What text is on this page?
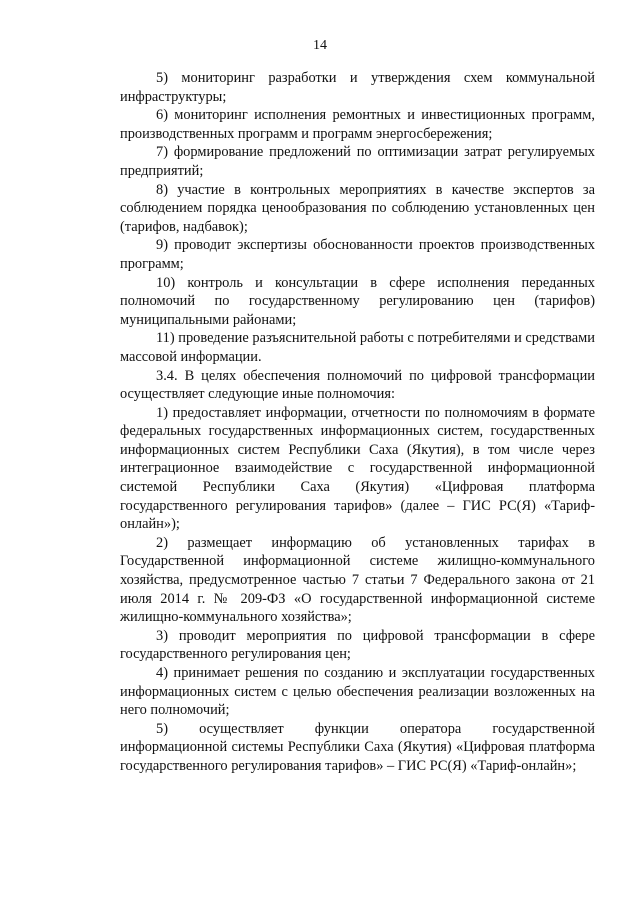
14

5) мониторинг разработки и утверждения схем коммунальной инфраструктуры;

6) мониторинг исполнения ремонтных и инвестиционных программ, производственных программ и программ энергосбережения;

7) формирование предложений по оптимизации затрат регулируемых предприятий;

8) участие в контрольных мероприятиях в качестве экспертов за соблюдением порядка ценообразования по соблюдению установленных цен (тарифов, надбавок);

9) проводит экспертизы обоснованности проектов производственных программ;

10) контроль и консультации в сфере исполнения переданных полномочий по государственному регулированию цен (тарифов) муниципальными районами;

11) проведение разъяснительной работы с потребителями и средствами массовой информации.

3.4. В целях обеспечения полномочий по цифровой трансформации осуществляет следующие иные полномочия:

1) предоставляет информации, отчетности по полномочиям в формате федеральных государственных информационных систем, государственных информационных систем Республики Саха (Якутия), в том числе через интеграционное взаимодействие с государственной информационной системой Республики Саха (Якутия) «Цифровая платформа государственного регулирования тарифов» (далее – ГИС РС(Я) «Тариф-онлайн»);

2) размещает информацию об установленных тарифах в Государственной информационной системе жилищно-коммунального хозяйства, предусмотренное частью 7 статьи 7 Федерального закона от 21 июля 2014 г. № 209-ФЗ «О государственной информационной системе жилищно-коммунального хозяйства»;

3) проводит мероприятия по цифровой трансформации в сфере государственного регулирования цен;

4) принимает решения по созданию и эксплуатации государственных информационных систем с целью обеспечения реализации возложенных на него полномочий;

5) осуществляет функции оператора государственной информационной системы Республики Саха (Якутия) «Цифровая платформа государственного регулирования тарифов» – ГИС РС(Я) «Тариф-онлайн»;
